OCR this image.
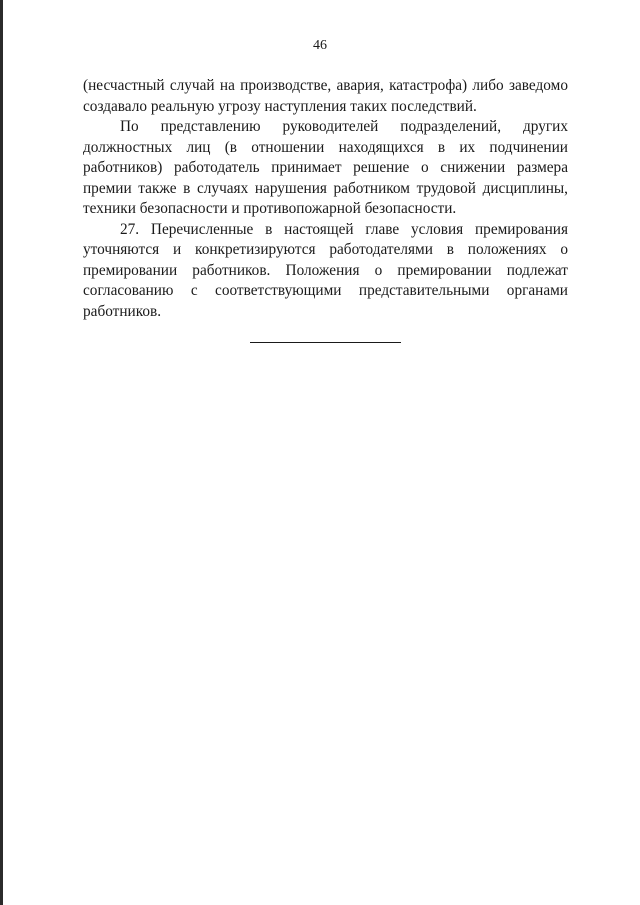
46

(несчастный случай на производстве, авария, катастрофа) либо заведомо создавало реальную угрозу наступления таких последствий.

По представлению руководителей подразделений, других должностных лиц (в отношении находящихся в их подчинении работников) работодатель принимает решение о снижении размера премии также в случаях нарушения работником трудовой дисциплины, техники безопасности и противопожарной безопасности.

27. Перечисленные в настоящей главе условия премирования уточняются и конкретизируются работодателями в положениях о премировании работников. Положения о премировании подлежат согласованию с соответствующими представительными органами работников.
